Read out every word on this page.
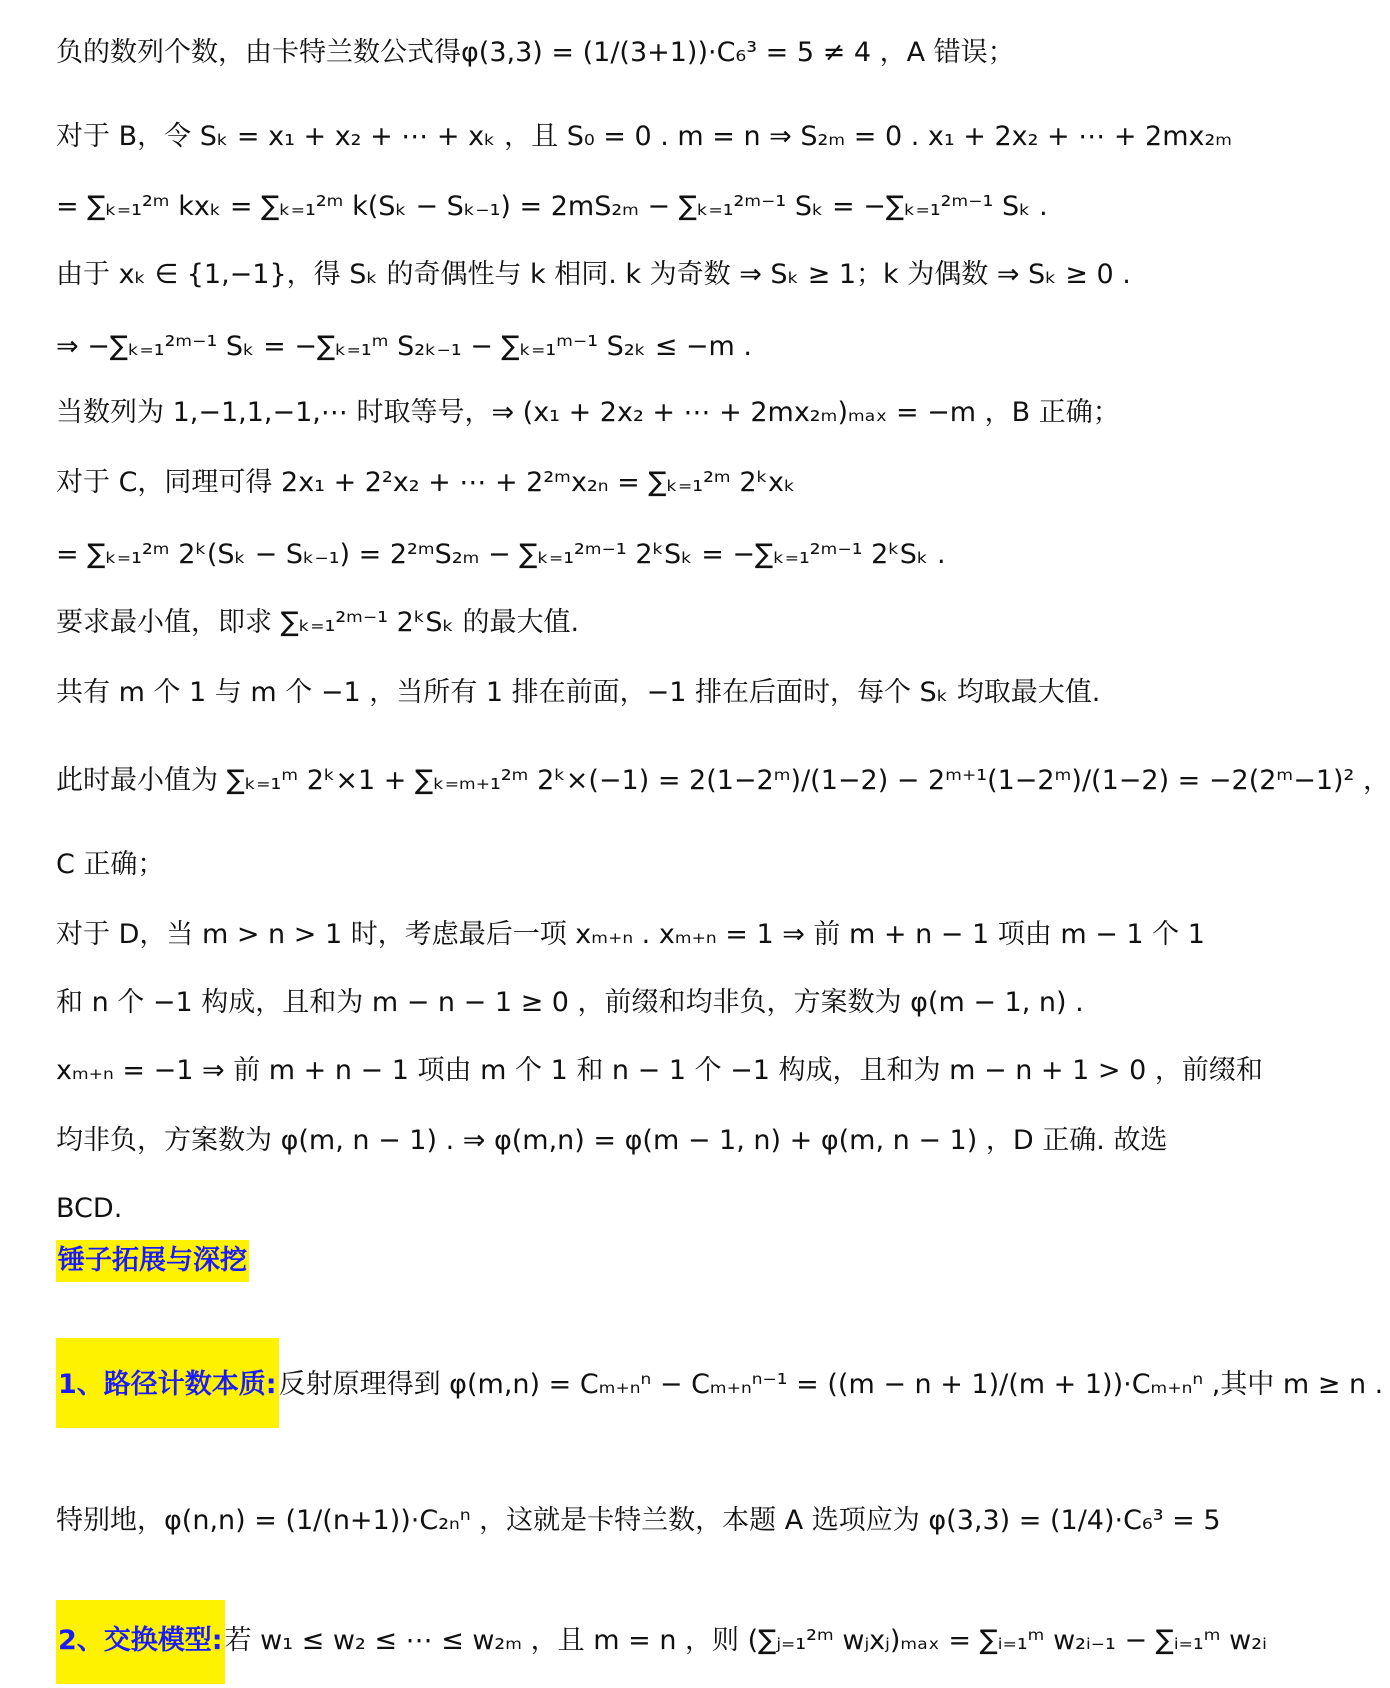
负的数列个数，由卡特兰数公式得φ(3,3) = (1/(3+1))·C₆³ = 5 ≠ 4 ，A 错误；
对于 B，令 Sₖ = x₁ + x₂ + ⋯ + xₖ ，且 S₀ = 0 . m = n ⇒ S₂ₘ = 0 . x₁ + 2x₂ + ⋯ + 2mx₂ₘ
= ∑ₖ₌₁²ᵐ kxₖ = ∑ₖ₌₁²ᵐ k(Sₖ − Sₖ₋₁) = 2mS₂ₘ − ∑ₖ₌₁²ᵐ⁻¹ Sₖ = −∑ₖ₌₁²ᵐ⁻¹ Sₖ .
由于 xₖ ∈ {1,−1}，得 Sₖ 的奇偶性与 k 相同. k 为奇数 ⇒ Sₖ ≥ 1；k 为偶数 ⇒ Sₖ ≥ 0 .
⇒ −∑ₖ₌₁²ᵐ⁻¹ Sₖ = −∑ₖ₌₁ᵐ S₂ₖ₋₁ − ∑ₖ₌₁ᵐ⁻¹ S₂ₖ ≤ −m .
当数列为 1,−1,1,−1,⋯ 时取等号，⇒ (x₁ + 2x₂ + ⋯ + 2mx₂ₘ)ₘₐₓ = −m ，B 正确；
对于 C，同理可得 2x₁ + 2²x₂ + ⋯ + 2²ᵐx₂ₙ = ∑ₖ₌₁²ᵐ 2ᵏxₖ
= ∑ₖ₌₁²ᵐ 2ᵏ(Sₖ − Sₖ₋₁) = 2²ᵐS₂ₘ − ∑ₖ₌₁²ᵐ⁻¹ 2ᵏSₖ = −∑ₖ₌₁²ᵐ⁻¹ 2ᵏSₖ .
要求最小值，即求 ∑ₖ₌₁²ᵐ⁻¹ 2ᵏSₖ 的最大值.
共有 m 个 1 与 m 个 −1 ，当所有 1 排在前面，−1 排在后面时，每个 Sₖ 均取最大值.
此时最小值为 ∑ₖ₌₁ᵐ 2ᵏ×1 + ∑ₖ₌ₘ₊₁²ᵐ 2ᵏ×(−1) = 2(1−2ᵐ)/(1−2) − 2ᵐ⁺¹(1−2ᵐ)/(1−2) = −2(2ᵐ−1)² ，
C 正确；
对于 D，当 m > n > 1 时，考虑最后一项 xₘ₊ₙ . xₘ₊ₙ = 1 ⇒ 前 m + n − 1 项由 m − 1 个 1
和 n 个 −1 构成，且和为 m − n − 1 ≥ 0 ，前缀和均非负，方案数为 φ(m − 1, n) .
xₘ₊ₙ = −1 ⇒ 前 m + n − 1 项由 m 个 1 和 n − 1 个 −1 构成，且和为 m − n + 1 > 0 ，前缀和
均非负，方案数为 φ(m, n − 1) . ⇒ φ(m,n) = φ(m − 1, n) + φ(m, n − 1) ，D 正确. 故选
BCD.
锤子拓展与深挖
1、路径计数本质:反射原理得到 φ(m,n) = Cₘ₊ₙⁿ − Cₘ₊ₙⁿ⁻¹ = ((m − n + 1)/(m + 1))·Cₘ₊ₙⁿ ,其中 m ≥ n .
特别地，φ(n,n) = (1/(n+1))·C₂ₙⁿ ，这就是卡特兰数，本题 A 选项应为 φ(3,3) = (1/4)·C₆³ = 5
2、交换模型:若 w₁ ≤ w₂ ≤ ⋯ ≤ w₂ₘ ，且 m = n ，则 (∑ⱼ₌₁²ᵐ wⱼxⱼ)ₘₐₓ = ∑ᵢ₌₁ᵐ w₂ᵢ₋₁ − ∑ᵢ₌₁ᵐ w₂ᵢ
